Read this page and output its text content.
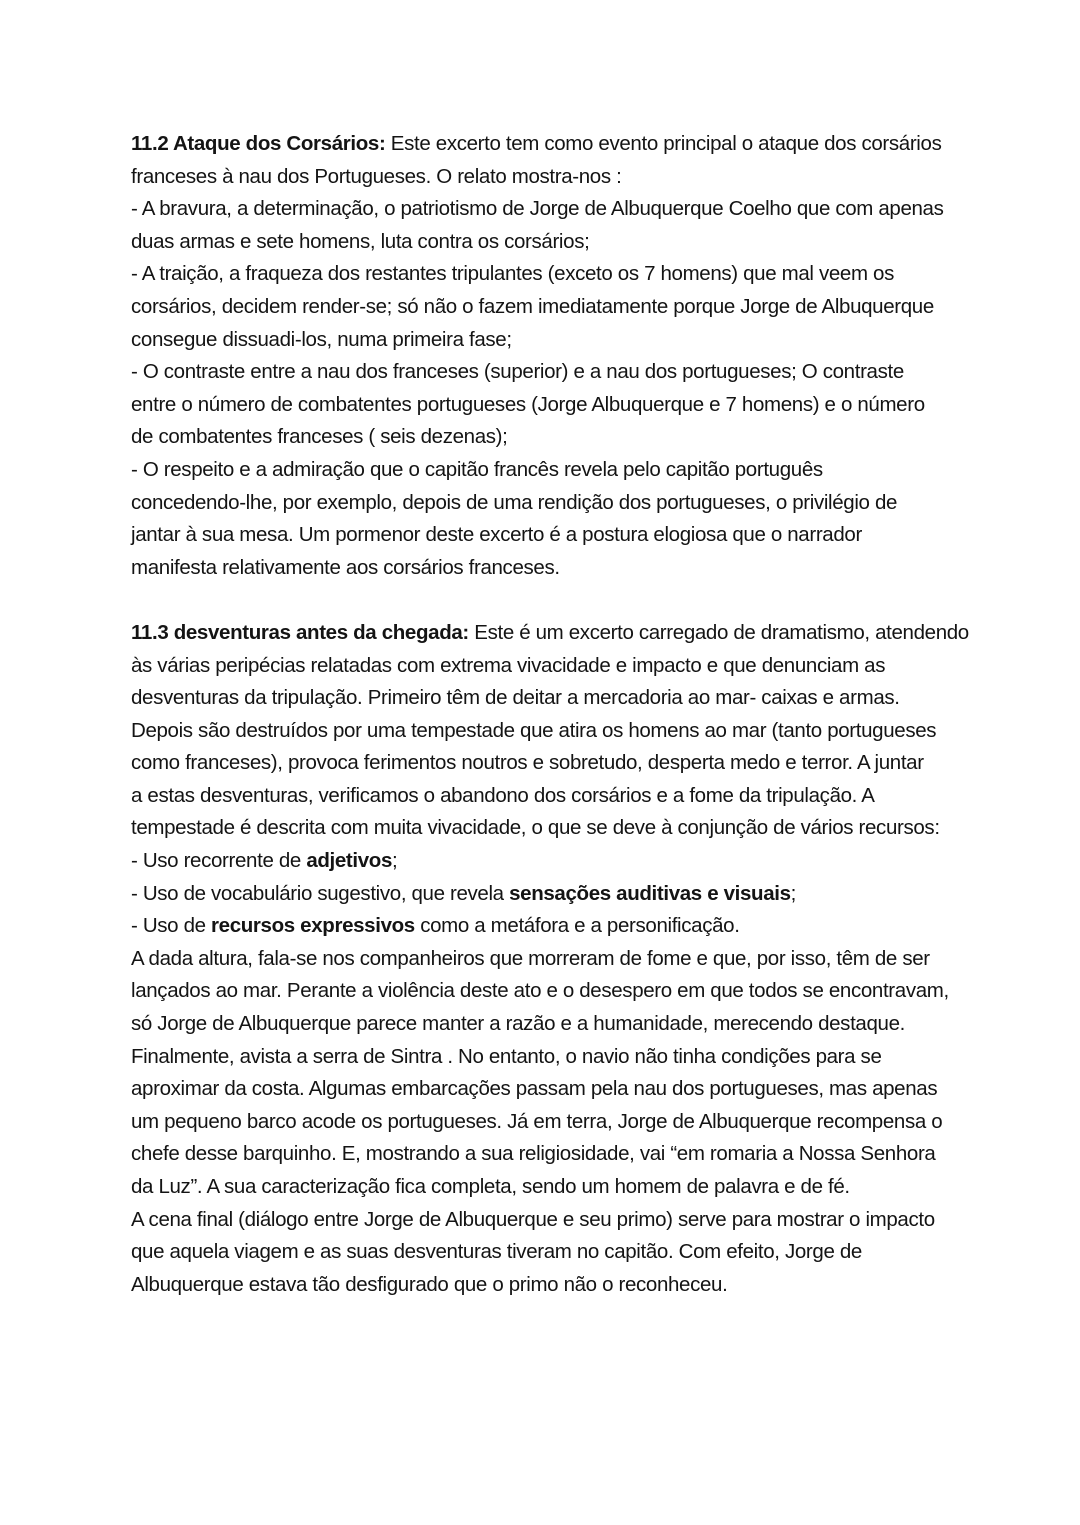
11.2 Ataque dos Corsários: Este excerto tem como evento principal o ataque dos corsários
franceses à nau dos Portugueses. O relato mostra-nos :
- A bravura, a determinação, o patriotismo de Jorge de Albuquerque Coelho que com apenas
duas armas e sete homens, luta contra os corsários;
- A traição, a fraqueza dos restantes tripulantes (exceto os 7 homens) que mal veem os
corsários, decidem render-se; só não o fazem imediatamente porque Jorge de Albuquerque
consegue dissuadi-los, numa primeira fase;
- O contraste entre a nau dos franceses (superior) e a nau dos portugueses; O contraste
entre o número de combatentes portugueses (Jorge Albuquerque e 7 homens) e o número
de combatentes franceses ( seis dezenas);
- O respeito e a admiração que o capitão francês revela pelo capitão português
concedendo-lhe, por exemplo, depois de uma rendição dos portugueses, o privilégio de
jantar à sua mesa. Um pormenor deste excerto é a postura elogiosa que o narrador
manifesta relativamente aos corsários franceses.
11.3 desventuras antes da chegada: Este é um excerto carregado de dramatismo, atendendo
às várias peripécias relatadas com extrema vivacidade e impacto e que denunciam as
desventuras da tripulação. Primeiro têm de deitar a mercadoria ao mar- caixas e armas.
Depois são destruídos por uma tempestade que atira os homens ao mar (tanto portugueses
como franceses), provoca ferimentos noutros e sobretudo, desperta medo e terror. A juntar
a estas desventuras, verificamos o abandono dos corsários e a fome da tripulação. A
tempestade é descrita com muita vivacidade, o que se deve à conjunção de vários recursos:
- Uso recorrente de adjetivos;
- Uso de vocabulário sugestivo, que revela sensações auditivas e visuais;
- Uso de recursos expressivos como a metáfora e a personificação.
A dada altura, fala-se nos companheiros que morreram de fome e que, por isso, têm de ser
lançados ao mar. Perante a violência deste ato e o desespero em que todos se encontravam,
só Jorge de Albuquerque parece manter a razão e a humanidade, merecendo destaque.
Finalmente, avista a serra de Sintra . No entanto, o navio não tinha condições para se
aproximar da costa. Algumas embarcações passam pela nau dos portugueses, mas apenas
um pequeno barco acode os portugueses. Já em terra, Jorge de Albuquerque recompensa o
chefe desse barquinho. E, mostrando a sua religiosidade, vai “em romaria a Nossa Senhora
da Luz”. A sua caracterização fica completa, sendo um homem de palavra e de fé.
A cena final (diálogo entre Jorge de Albuquerque e seu primo) serve para mostrar o impacto
que aquela viagem e as suas desventuras tiveram no capitão. Com efeito, Jorge de
Albuquerque estava tão desfigurado que o primo não o reconheceu.
